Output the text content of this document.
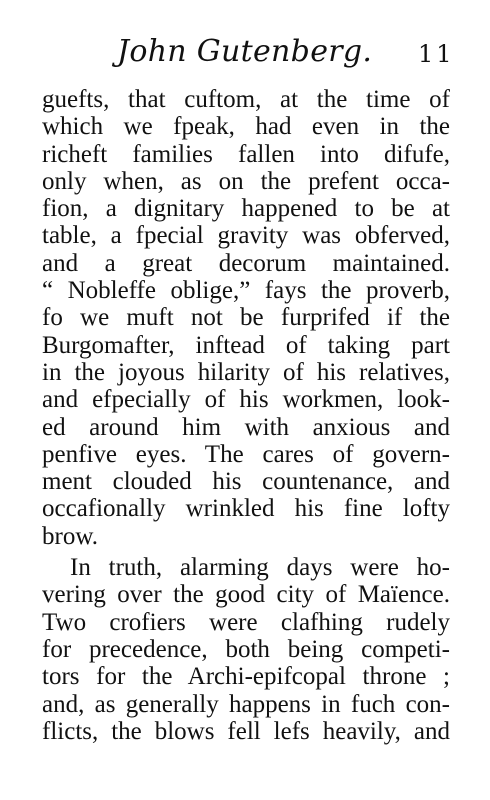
John Gutenberg. 11
guefts, that cuftom, at the time of
which we fpeak, had even in the
richeft families fallen into difufe,
only when, as on the prefent occa-
fion, a dignitary happened to be at
table, a fpecial gravity was obferved,
and a great decorum maintained.
“ Nobleffe oblige,” fays the proverb,
fo we muft not be furprifed if the
Burgomafter, inftead of taking part
in the joyous hilarity of his relatives,
and efpecially of his workmen, look-
ed around him with anxious and
penfive eyes. The cares of govern-
ment clouded his countenance, and
occafionally wrinkled his fine lofty
brow.
In truth, alarming days were ho-
vering over the good city of Maïence.
Two crofiers were clafhing rudely
for precedence, both being competi-
tors for the Archi-epifcopal throne ;
and, as generally happens in fuch con-
flicts, the blows fell lefs heavily, and
